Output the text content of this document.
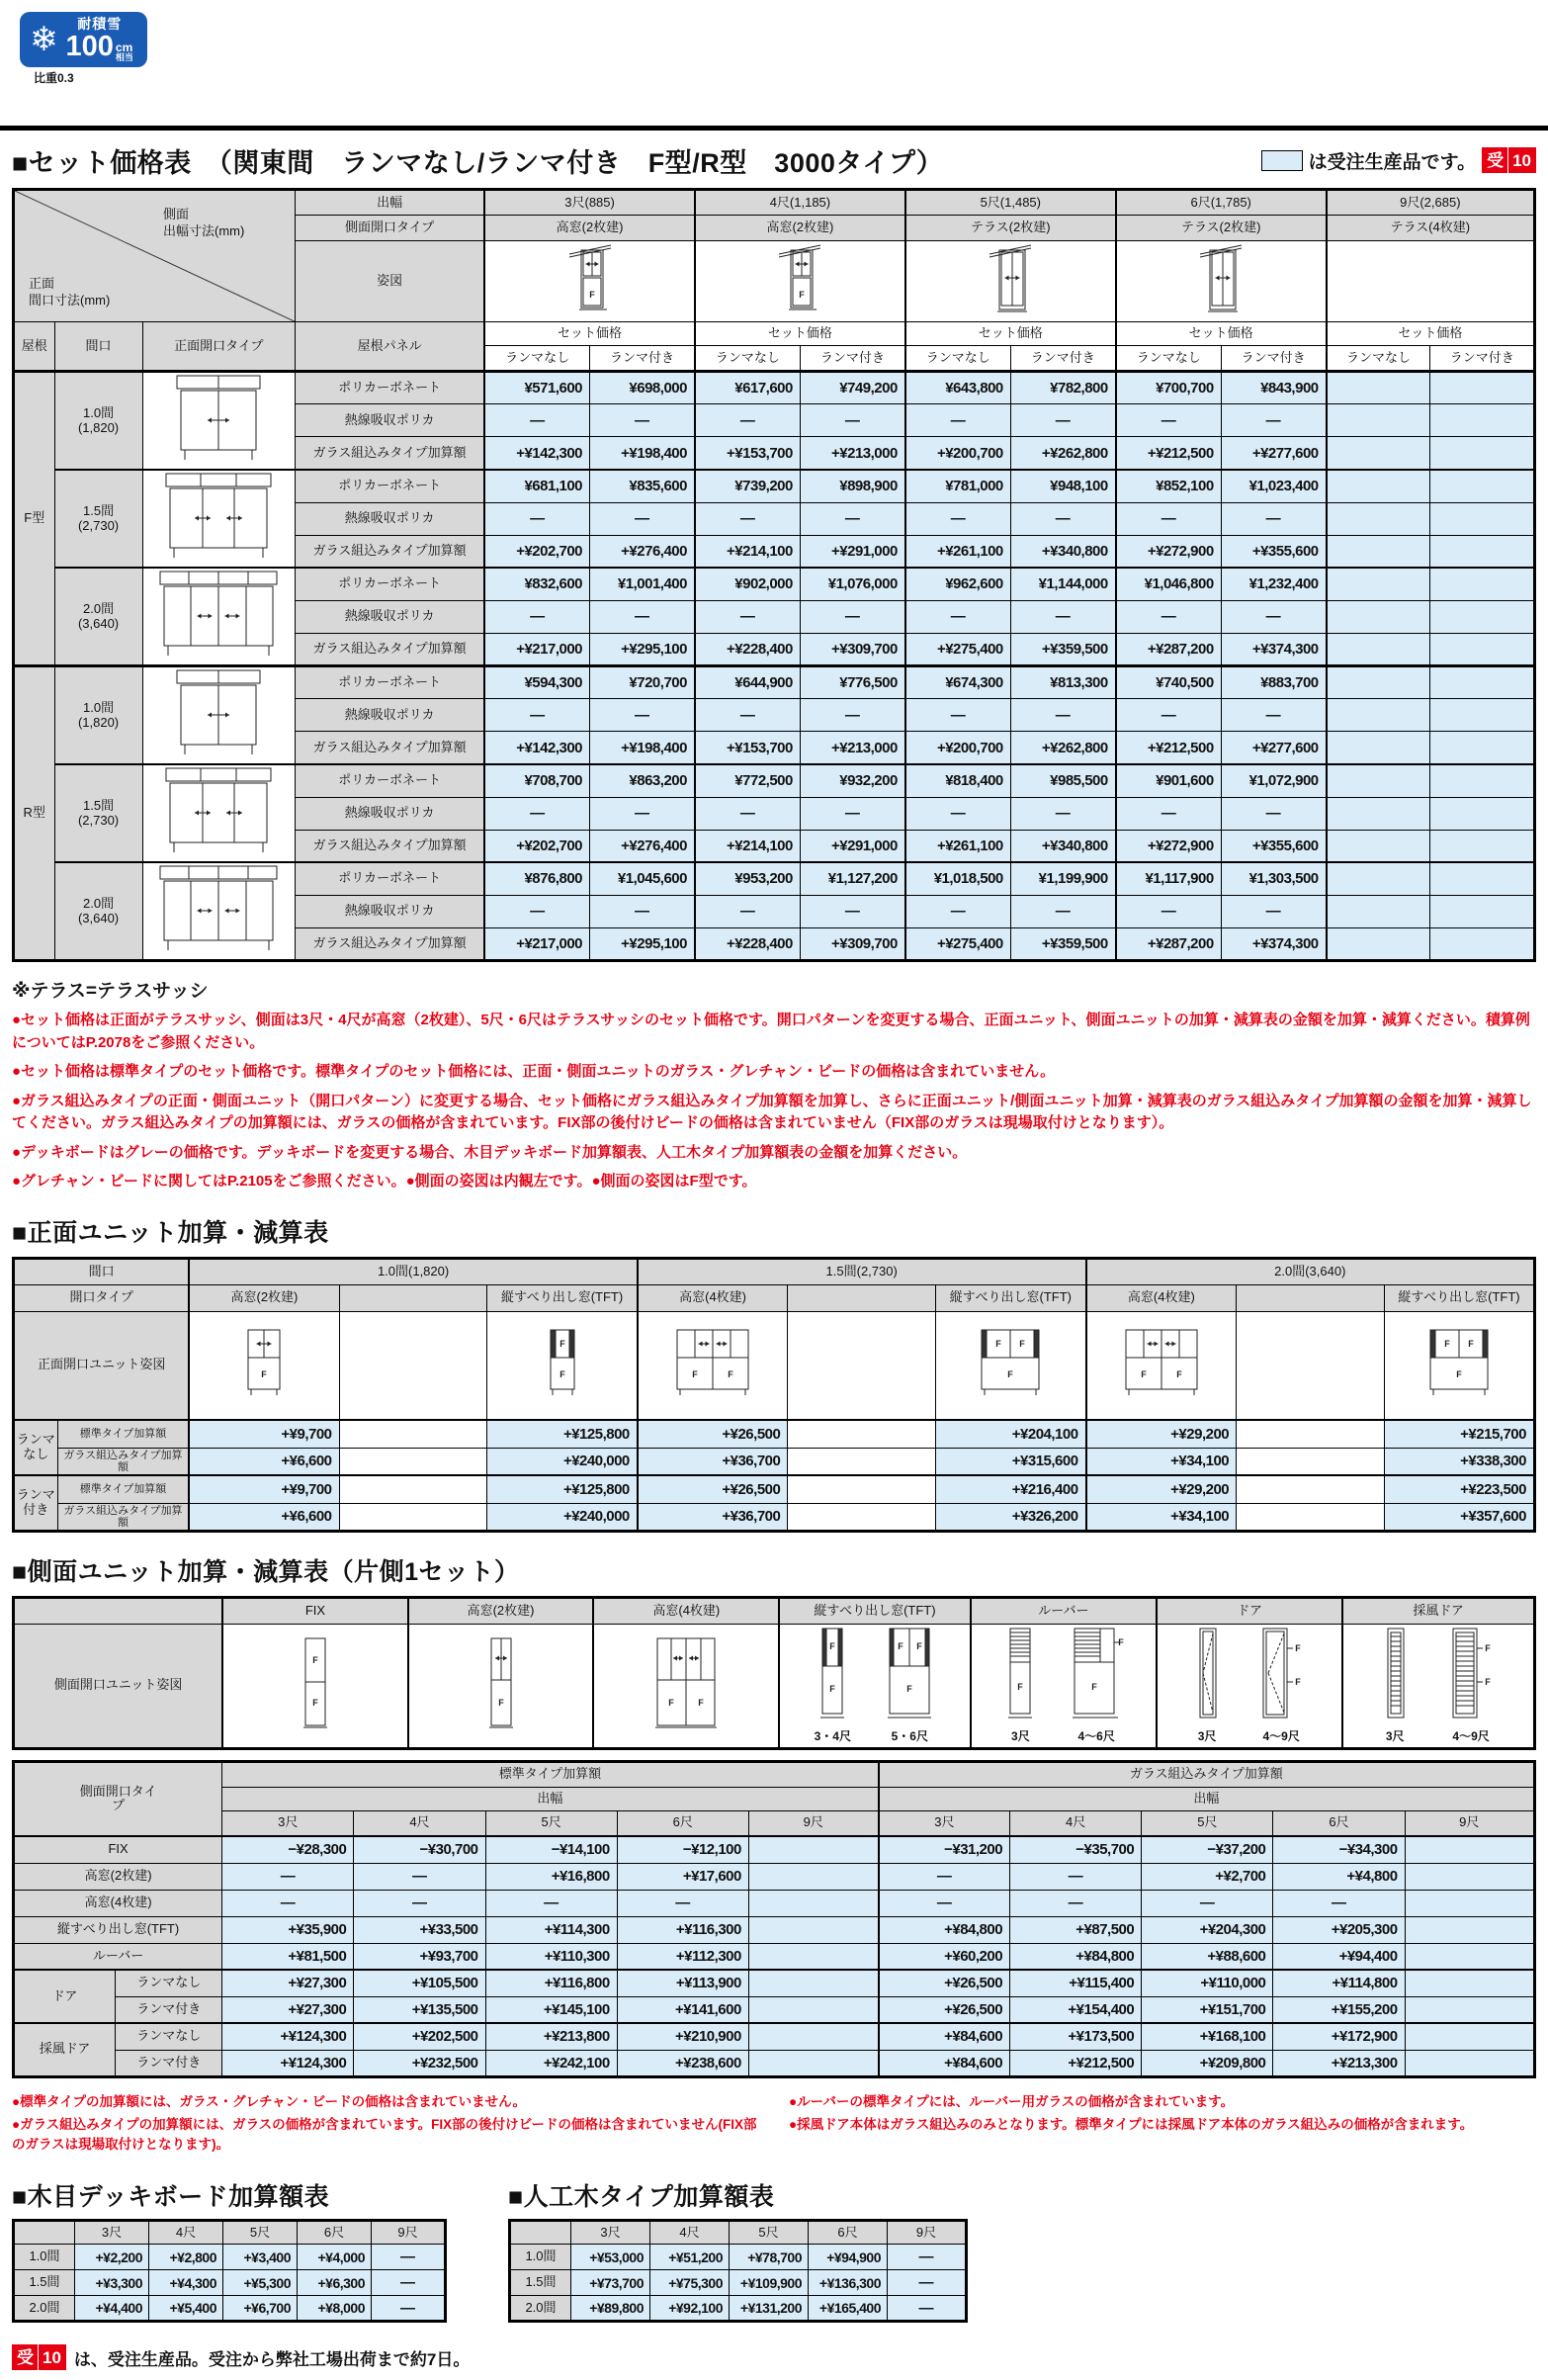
❄ 耐積雪
100 cm
相当
比重0.3
■セット価格表　（関東間　ランマなし/ランマ付き　F型/R型　3000タイプ）	は受注生産品です。 受 10
側面
出幅寸法(mm)
正面
間口寸法(mm)			出幅	3尺(885)		4尺(1,185)		5尺(1,485)		6尺(1,785)		9尺(2,685)	
			側面開口タイプ	高窓(2枚建)		高窓(2枚建)		テラス(2枚建)		テラス(2枚建)		テラス(4枚建)	
			姿図	F		F

屋根	間口	正面開口タイプ	屋根パネル	セット価格		セット価格		セット価格		セット価格		セット価格	
				ランマなし	ランマ付き	ランマなし	ランマ付き	ランマなし	ランマ付き	ランマなし	ランマ付き	ランマなし	ランマ付き
F型	1.0間
(1,820)		ポリカーボネート	¥571,600	¥698,000	¥617,600	¥749,200	¥643,800	¥782,800	¥700,700	¥843,900		
			熱線吸収ポリカ	―	―	―	―	―	―	―	―		
			ガラス組込みタイプ加算額	+¥142,300	+¥198,400	+¥153,700	+¥213,000	+¥200,700	+¥262,800	+¥212,500	+¥277,600		
	1.5間
(2,730)		ポリカーボネート	¥681,100	¥835,600	¥739,200	¥898,900	¥781,000	¥948,100	¥852,100	¥1,023,400		
			熱線吸収ポリカ	―	―	―	―	―	―	―	―		
			ガラス組込みタイプ加算額	+¥202,700	+¥276,400	+¥214,100	+¥291,000	+¥261,100	+¥340,800	+¥272,900	+¥355,600		
	2.0間
(3,640)		ポリカーボネート	¥832,600	¥1,001,400	¥902,000	¥1,076,000	¥962,600	¥1,144,000	¥1,046,800	¥1,232,400		
			熱線吸収ポリカ	―	―	―	―	―	―	―	―		
			ガラス組込みタイプ加算額	+¥217,000	+¥295,100	+¥228,400	+¥309,700	+¥275,400	+¥359,500	+¥287,200	+¥374,300		
R型	1.0間
(1,820)		ポリカーボネート	¥594,300	¥720,700	¥644,900	¥776,500	¥674,300	¥813,300	¥740,500	¥883,700		
			熱線吸収ポリカ	―	―	―	―	―	―	―	―		
			ガラス組込みタイプ加算額	+¥142,300	+¥198,400	+¥153,700	+¥213,000	+¥200,700	+¥262,800	+¥212,500	+¥277,600		
	1.5間
(2,730)		ポリカーボネート	¥708,700	¥863,200	¥772,500	¥932,200	¥818,400	¥985,500	¥901,600	¥1,072,900		
			熱線吸収ポリカ	―	―	―	―	―	―	―	―		
			ガラス組込みタイプ加算額	+¥202,700	+¥276,400	+¥214,100	+¥291,000	+¥261,100	+¥340,800	+¥272,900	+¥355,600		
	2.0間
(3,640)		ポリカーボネート	¥876,800	¥1,045,600	¥953,200	¥1,127,200	¥1,018,500	¥1,199,900	¥1,117,900	¥1,303,500		
			熱線吸収ポリカ	―	―	―	―	―	―	―	―		
			ガラス組込みタイプ加算額	+¥217,000	+¥295,100	+¥228,400	+¥309,700	+¥275,400	+¥359,500	+¥287,200	+¥374,300		
※テラス=テラスサッシ
●セット価格は正面がテラスサッシ、側面は3尺・4尺が高窓（2枚建）、5尺・6尺はテラスサッシのセット価格です。開口パターンを変更する場合、正面ユニット、側面ユニットの加算・減算表の金額を加算・減算ください。積算例についてはP.2078をご参照ください。
●セット価格は標準タイプのセット価格です。標準タイプのセット価格には、正面・側面ユニットのガラス・グレチャン・ビードの価格は含まれていません。
●ガラス組込みタイプの正面・側面ユニット（開口パターン）に変更する場合、セット価格にガラス組込みタイプ加算額を加算し、さらに正面ユニット/側面ユニット加算・減算表のガラス組込みタイプ加算額の金額を加算・減算してください。ガラス組込みタイプの加算額には、ガラスの価格が含まれています。FIX部の後付けビードの価格は含まれていません（FIX部のガラスは現場取付けとなります）。
●デッキボードはグレーの価格です。デッキボードを変更する場合、木目デッキボード加算額表、人工木タイプ加算額表の金額を加算ください。
●グレチャン・ビードに関してはP.2105をご参照ください。●側面の姿図は内観左です。●側面の姿図はF型です。
■正面ユニット加算・減算表
間口		1.0間(1,820)			1.5間(2,730)			2.0間(3,640)		
開口タイプ		高窓(2枚建)		縦すべり出し窓(TFT)	高窓(4枚建)		縦すべり出し窓(TFT)	高窓(4枚建)		縦すべり出し窓(TFT)
正面開口ユニット姿図		F		F
F	F F		F F
F	F F		F F
F

ランマなし	標準タイプ加算額	+¥9,700		+¥125,800	+¥26,500		+¥204,100	+¥29,200		+¥215,700
	ガラス組込みタイプ加算額	+¥6,600		+¥240,000	+¥36,700		+¥315,600	+¥34,100		+¥338,300
ランマ付き	標準タイプ加算額	+¥9,700		+¥125,800	+¥26,500		+¥216,400	+¥29,200		+¥223,500
	ガラス組込みタイプ加算額	+¥6,600		+¥240,000	+¥36,700		+¥326,200	+¥34,100		+¥357,600
■側面ユニット加算・減算表（片側1セット）
	FIX	高窓(2枚建)	高窓(4枚建)	縦すべり出し窓(TFT)	ルーバー	ドア	採風ドア
側面開口ユニット姿図	
F
F	F	F	F

F
F
3・4尺
F F
F
5・6尺

F
3尺
F
F
4～6尺	3尺
F
F
4～9尺	3尺
F
F
4～9尺
側面開口タイプ		標準タイプ加算額					ガラス組込みタイプ加算額				
		出幅					出幅				
		3尺	4尺	5尺	6尺	9尺	3尺	4尺	5尺	6尺	9尺
FIX		−¥28,300	−¥30,700	−¥14,100	−¥12,100		−¥31,200	−¥35,700	−¥37,200	−¥34,300	
高窓(2枚建)		―	―	+¥16,800	+¥17,600		―	―	+¥2,700	+¥4,800	
高窓(4枚建)		―	―	―	―		―	―	―	―	
縦すべり出し窓(TFT)		+¥35,900	+¥33,500	+¥114,300	+¥116,300		+¥84,800	+¥87,500	+¥204,300	+¥205,300	
ルーバー		+¥81,500	+¥93,700	+¥110,300	+¥112,300		+¥60,200	+¥84,800	+¥88,600	+¥94,400	
ドア	ランマなし	+¥27,300	+¥105,500	+¥116,800	+¥113,900		+¥26,500	+¥115,400	+¥110,000	+¥114,800	
	ランマ付き	+¥27,300	+¥135,500	+¥145,100	+¥141,600		+¥26,500	+¥154,400	+¥151,700	+¥155,200	
採風ドア	ランマなし	+¥124,300	+¥202,500	+¥213,800	+¥210,900		+¥84,600	+¥173,500	+¥168,100	+¥172,900	
	ランマ付き	+¥124,300	+¥232,500	+¥242,100	+¥238,600		+¥84,600	+¥212,500	+¥209,800	+¥213,300	
●標準タイプの加算額には、ガラス・グレチャン・ビードの価格は含まれていません。
●ガラス組込みタイプの加算額には、ガラスの価格が含まれています。FIX部の後付けビードの価格は含まれていません(FIX部のガラスは現場取付けとなります)。
●ルーバーの標準タイプには、ルーバー用ガラスの価格が含まれています。
●採風ドア本体はガラス組込みのみとなります。標準タイプには採風ドア本体のガラス組込みの価格が含まれます。
■木目デッキボード加算額表
	3尺	4尺	5尺	6尺	9尺
1.0間	+¥2,200	+¥2,800	+¥3,400	+¥4,000	―
1.5間	+¥3,300	+¥4,300	+¥5,300	+¥6,300	―
2.0間	+¥4,400	+¥5,400	+¥6,700	+¥8,000	―
■人工木タイプ加算額表
	3尺	4尺	5尺	6尺	9尺
1.0間	+¥53,000	+¥51,200	+¥78,700	+¥94,900	―
1.5間	+¥73,700	+¥75,300	+¥109,900	+¥136,300	―
2.0間	+¥89,800	+¥92,100	+¥131,200	+¥165,400	―
受 10 は、受注生産品。受注から弊社工場出荷まで約7日。
